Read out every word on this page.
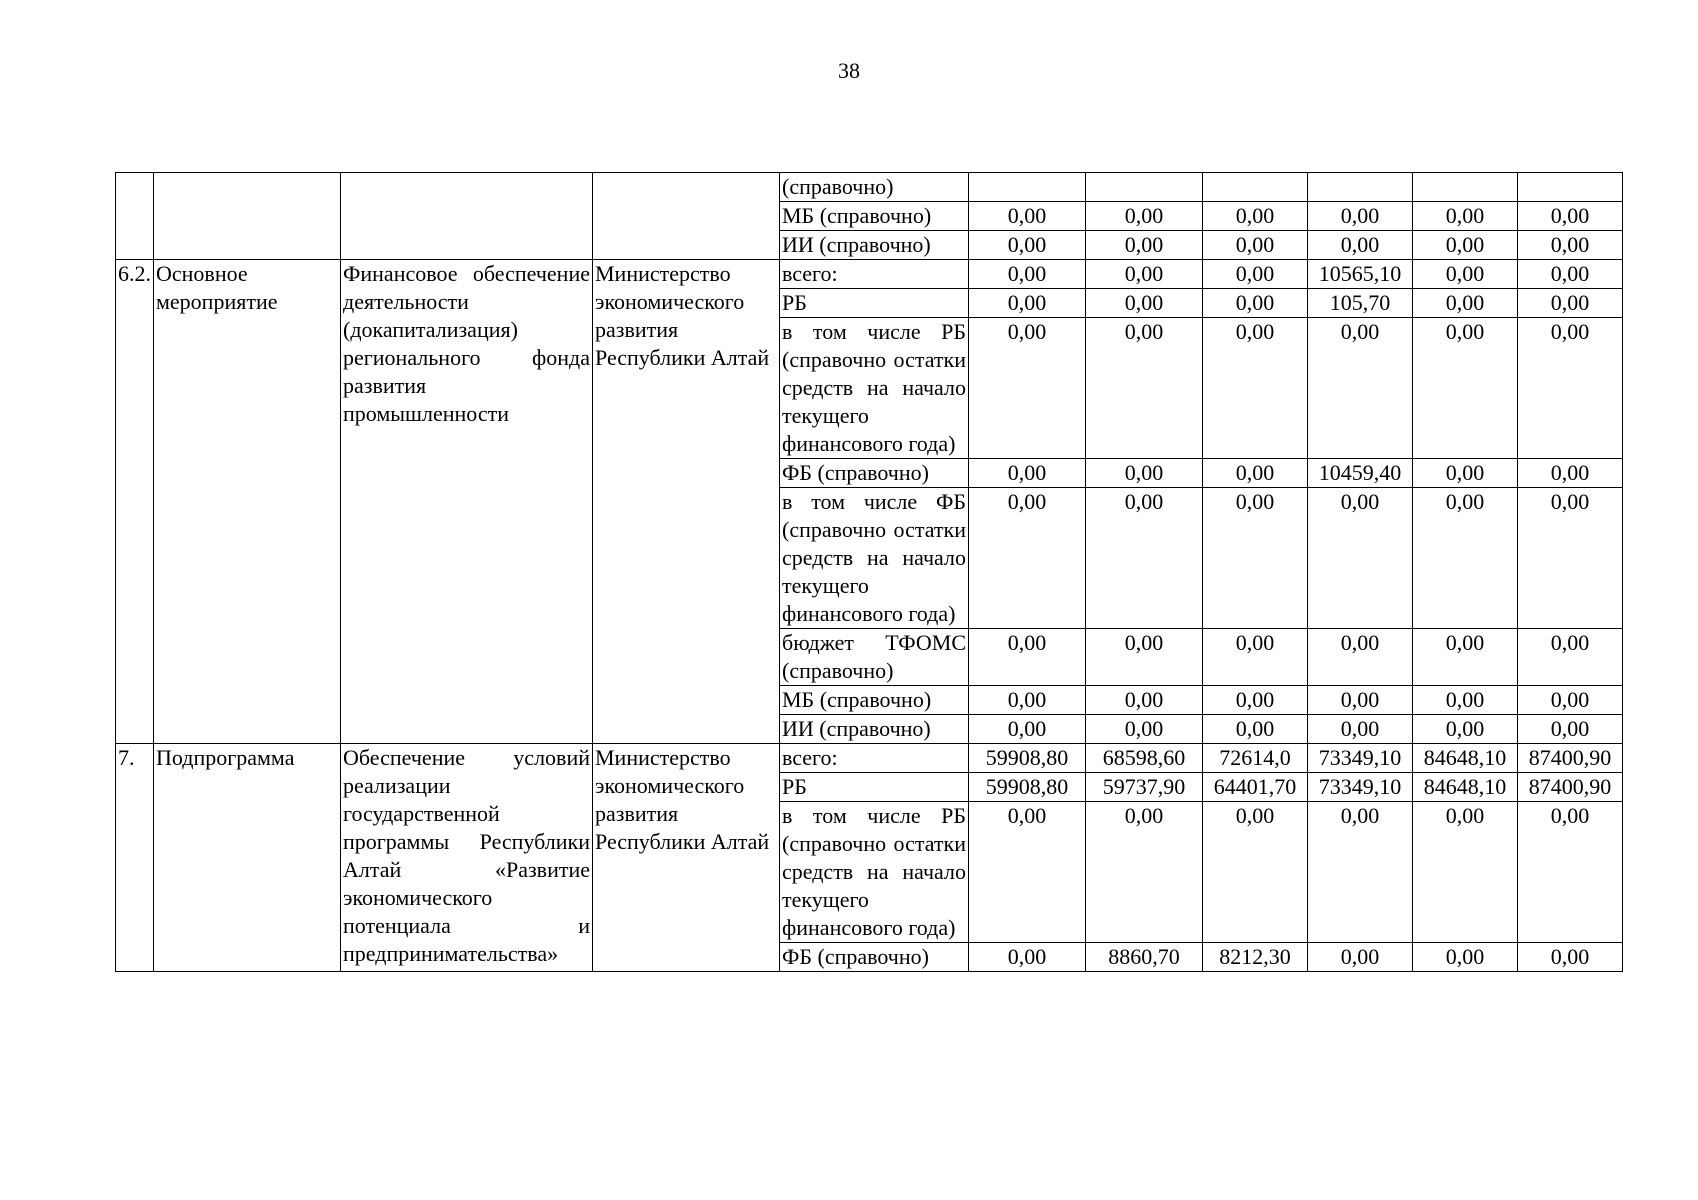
38
				(справочно)						
				МБ (справочно)	0,00	0,00	0,00	0,00	0,00	0,00
				ИИ (справочно)	0,00	0,00	0,00	0,00	0,00	0,00
6.2.	Основное мероприятие	Финансовое обеспечение деятельности (докапитализация) регионального фонда развития промышленности	Министерство экономического развития Республики Алтай	всего:	0,00	0,00	0,00	10565,10	0,00	0,00
				РБ	0,00	0,00	0,00	105,70	0,00	0,00
				в том числе РБ (справочно остатки средств на начало текущего финансового года)	0,00	0,00	0,00	0,00	0,00	0,00
				ФБ (справочно)	0,00	0,00	0,00	10459,40	0,00	0,00
				в том числе ФБ (справочно остатки средств на начало текущего финансового года)	0,00	0,00	0,00	0,00	0,00	0,00
				бюджет ТФОМС (справочно)	0,00	0,00	0,00	0,00	0,00	0,00
				МБ (справочно)	0,00	0,00	0,00	0,00	0,00	0,00
				ИИ (справочно)	0,00	0,00	0,00	0,00	0,00	0,00
7.	Подпрограмма	Обеспечение условий реализации государственной программы Республики Алтай «Развитие экономического потенциала и предпринимательства»	Министерство экономического развития Республики Алтай	всего:	59908,80	68598,60	72614,0	73349,10	84648,10	87400,90
				РБ	59908,80	59737,90	64401,70	73349,10	84648,10	87400,90
				в том числе РБ (справочно остатки средств на начало текущего финансового года)	0,00	0,00	0,00	0,00	0,00	0,00
				ФБ (справочно)	0,00	8860,70	8212,30	0,00	0,00	0,00
